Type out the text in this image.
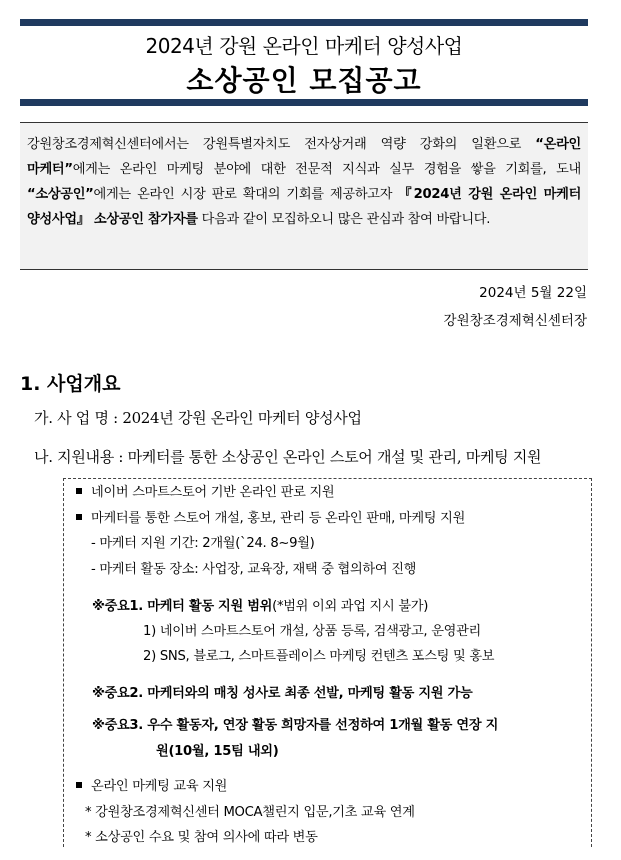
2024년 강원 온라인 마케터 양성사업
소상공인 모집공고
강원창조경제혁신센터에서는 강원특별자치도 전자상거래 역량 강화의 일환으로 “온라인 마케터”에게는 온라인 마케팅 분야에 대한 전문적 지식과 실무 경험을 쌓을 기회를, 도내 “소상공인”에게는 온라인 시장 판로 확대의 기회를 제공하고자 『2024년 강원 온라인 마케터 양성사업』 소상공인 참가자를 다음과 같이 모집하오니 많은 관심과 참여 바랍니다.
2024년 5월 22일
강원창조경제혁신센터장
1. 사업개요
가. 사 업 명 : 2024년 강원 온라인 마케터 양성사업
나. 지원내용 : 마케터를 통한 소상공인 온라인 스토어 개설 및 관리, 마케팅 지원
네이버 스마트스토어 기반 온라인 판로 지원
마케터를 통한 스토어 개설, 홍보, 관리 등 온라인 판매, 마케팅 지원
- 마케터 지원 기간: 2개월(`24. 8~9월)
- 마케터 활동 장소: 사업장, 교육장, 재택 중 협의하여 진행
※중요1. 마케터 활동 지원 범위(*범위 이외 과업 지시 불가)
1) 네이버 스마트스토어 개설, 상품 등록, 검색광고, 운영관리
2) SNS, 블로그, 스마트플레이스 마케팅 컨텐츠 포스팅 및 홍보
※중요2. 마케터와의 매칭 성사로 최종 선발, 마케팅 활동 지원 가능
※중요3. 우수 활동자, 연장 활동 희망자를 선정하여 1개월 활동 연장 지
원(10월, 15팀 내외)
온라인 마케팅 교육 지원
* 강원창조경제혁신센터 MOCA챌린지 입문,기초 교육 연계
* 소상공인 수요 및 참여 의사에 따라 변동
